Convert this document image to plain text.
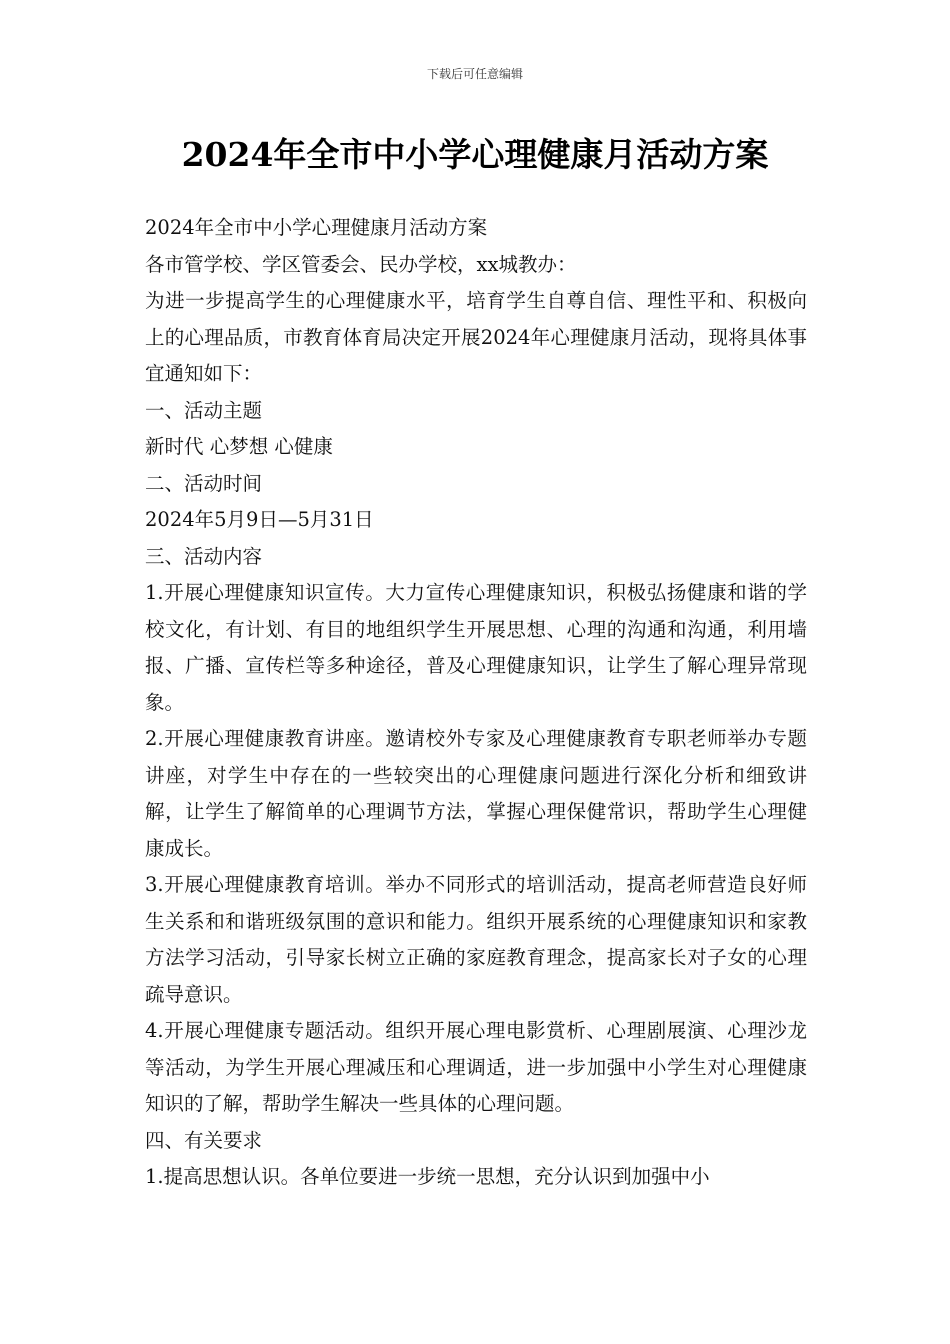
下载后可任意编辑
2024年全市中小学心理健康月活动方案

2024年全市中小学心理健康月活动方案

各市管学校、学区管委会、民办学校，xx城教办：

为进一步提高学生的心理健康水平，培育学生自尊自信、理性平和、积极向上的心理品质，市教育体育局决定开展2024年心理健康月活动，现将具体事宜通知如下：

一、活动主题

新时代 心梦想 心健康

二、活动时间

2024年5月9日—5月31日

三、活动内容

1.开展心理健康知识宣传。大力宣传心理健康知识，积极弘扬健康和谐的学校文化，有计划、有目的地组织学生开展思想、心理的沟通和沟通，利用墙报、广播、宣传栏等多种途径，普及心理健康知识，让学生了解心理异常现象。

2.开展心理健康教育讲座。邀请校外专家及心理健康教育专职老师举办专题讲座，对学生中存在的一些较突出的心理健康问题进行深化分析和细致讲解，让学生了解简单的心理调节方法，掌握心理保健常识，帮助学生心理健康成长。

3.开展心理健康教育培训。举办不同形式的培训活动，提高老师营造良好师生关系和和谐班级氛围的意识和能力。组织开展系统的心理健康知识和家教方法学习活动，引导家长树立正确的家庭教育理念，提高家长对子女的心理疏导意识。

4.开展心理健康专题活动。组织开展心理电影赏析、心理剧展演、心理沙龙等活动，为学生开展心理减压和心理调适，进一步加强中小学生对心理健康知识的了解，帮助学生解决一些具体的心理问题。

四、有关要求

1.提高思想认识。各单位要进一步统一思想，充分认识到加强中小
